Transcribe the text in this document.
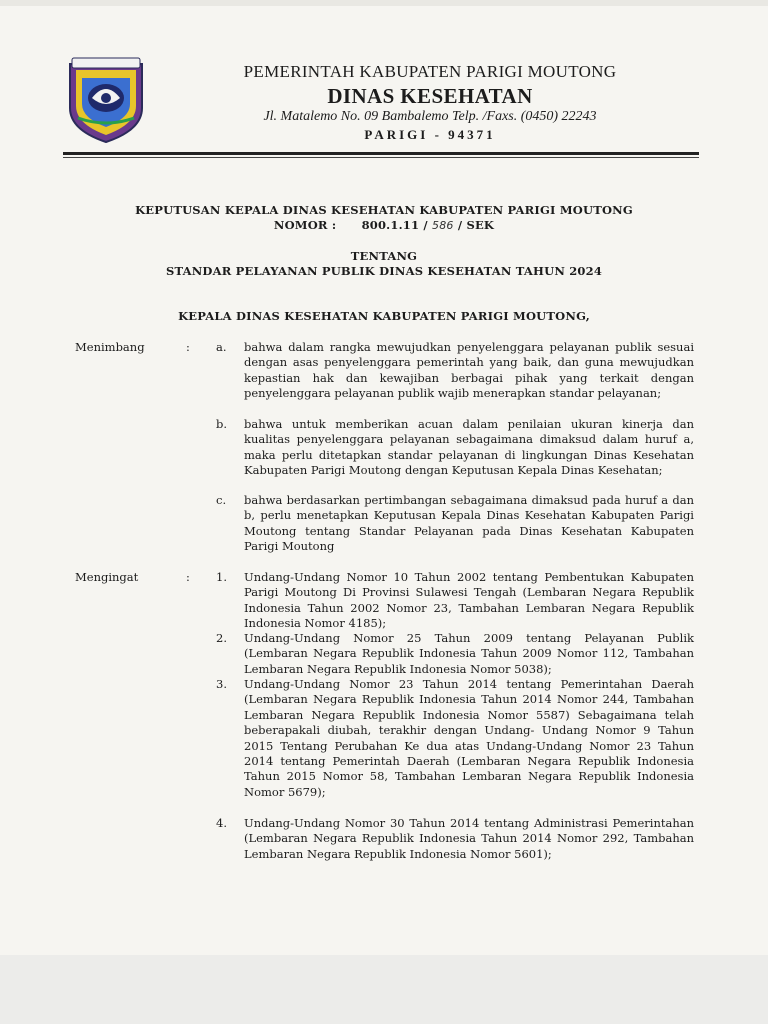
PEMERINTAH KABUPATEN PARIGI MOUTONG
DINAS KESEHATAN
Jl. Matalemo No. 09 Bambalemo Telp. /Faxs. (0450) 22243
PARIGI - 94371
KEPUTUSAN KEPALA DINAS KESEHATAN KABUPATEN PARIGI MOUTONG
NOMOR : 800.1.11 / 586 / SEK
TENTANG
STANDAR PELAYANAN PUBLIK DINAS KESEHATAN TAHUN 2024
KEPALA DINAS KESEHATAN KABUPATEN PARIGI MOUTONG,
Menimbang	: a.	bahwa dalam rangka mewujudkan penyelenggara pelayanan publik sesuai dengan asas penyelenggara pemerintah yang baik, dan guna mewujudkan kepastian hak dan kewajiban berbagai pihak yang terkait dengan penyelenggara pelayanan publik wajib menerapkan standar pelayanan;
b.	bahwa untuk memberikan acuan dalam penilaian ukuran kinerja dan kualitas penyelenggara pelayanan sebagaimana dimaksud dalam huruf a, maka perlu ditetapkan standar pelayanan di lingkungan Dinas Kesehatan Kabupaten Parigi Moutong dengan Keputusan Kepala Dinas Kesehatan;
c.	bahwa berdasarkan pertimbangan sebagaimana dimaksud pada huruf a dan b, perlu menetapkan Keputusan Kepala Dinas Kesehatan Kabupaten Parigi Moutong tentang Standar Pelayanan pada Dinas Kesehatan Kabupaten Parigi Moutong
Mengingat	: 1.	Undang-Undang Nomor 10 Tahun 2002 tentang Pembentukan Kabupaten Parigi Moutong Di Provinsi Sulawesi Tengah (Lembaran Negara Republik Indonesia Tahun 2002 Nomor 23, Tambahan Lembaran Negara Republik Indonesia Nomor 4185);
2.	Undang-Undang Nomor 25 Tahun 2009 tentang Pelayanan Publik (Lembaran Negara Republik Indonesia Tahun 2009 Nomor 112, Tambahan Lembaran Negara Republik Indonesia Nomor 5038);
3.	Undang-Undang Nomor 23 Tahun 2014 tentang Pemerintahan Daerah (Lembaran Negara Republik Indonesia Tahun 2014 Nomor 244, Tambahan Lembaran Negara Republik Indonesia Nomor 5587) Sebagaimana telah beberapakali diubah, terakhir dengan Undang- Undang Nomor 9 Tahun 2015 Tentang Perubahan Ke dua atas Undang-Undang Nomor 23 Tahun 2014 tentang Pemerintah Daerah (Lembaran Negara Republik Indonesia Tahun 2015 Nomor 58, Tambahan Lembaran Negara Republik Indonesia Nomor 5679);
4.	Undang-Undang Nomor 30 Tahun 2014 tentang Administrasi Pemerintahan (Lembaran Negara Republik Indonesia Tahun 2014 Nomor 292, Tambahan Lembaran Negara Republik Indonesia Nomor 5601);
